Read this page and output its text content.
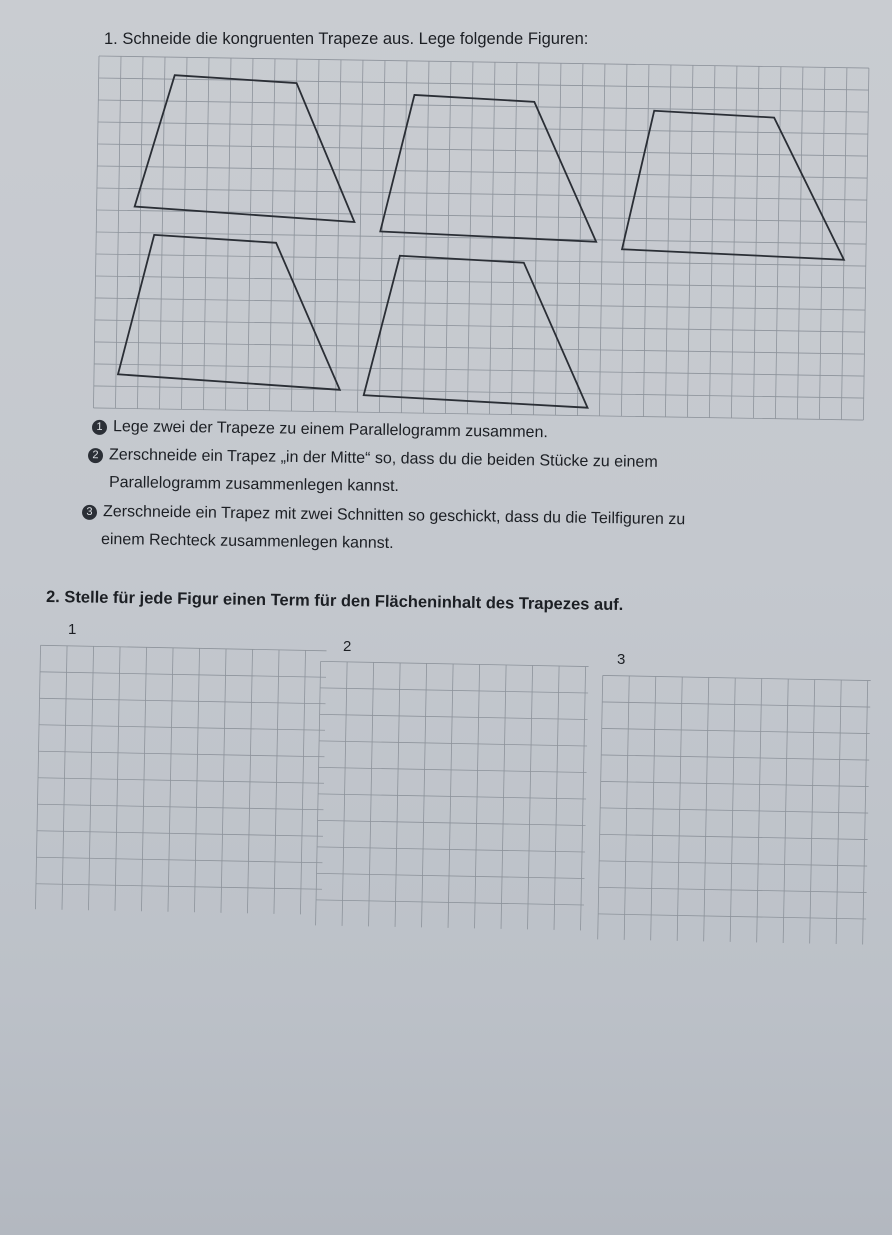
1. Schneide die kongruenten Trapeze aus. Lege folgende Figuren:
1 Lege zwei der Trapeze zu einem Parallelogramm zusammen.
2 Zerschneide ein Trapez „in der Mitte“ so, dass du die beiden Stücke zu einem
Parallelogramm zusammenlegen kannst.
3 Zerschneide ein Trapez mit zwei Schnitten so geschickt, dass du die Teilfiguren zu
einem Rechteck zusammenlegen kannst.
2. Stelle für jede Figur einen Term für den Flächeninhalt des Trapezes auf.
1
2
3
